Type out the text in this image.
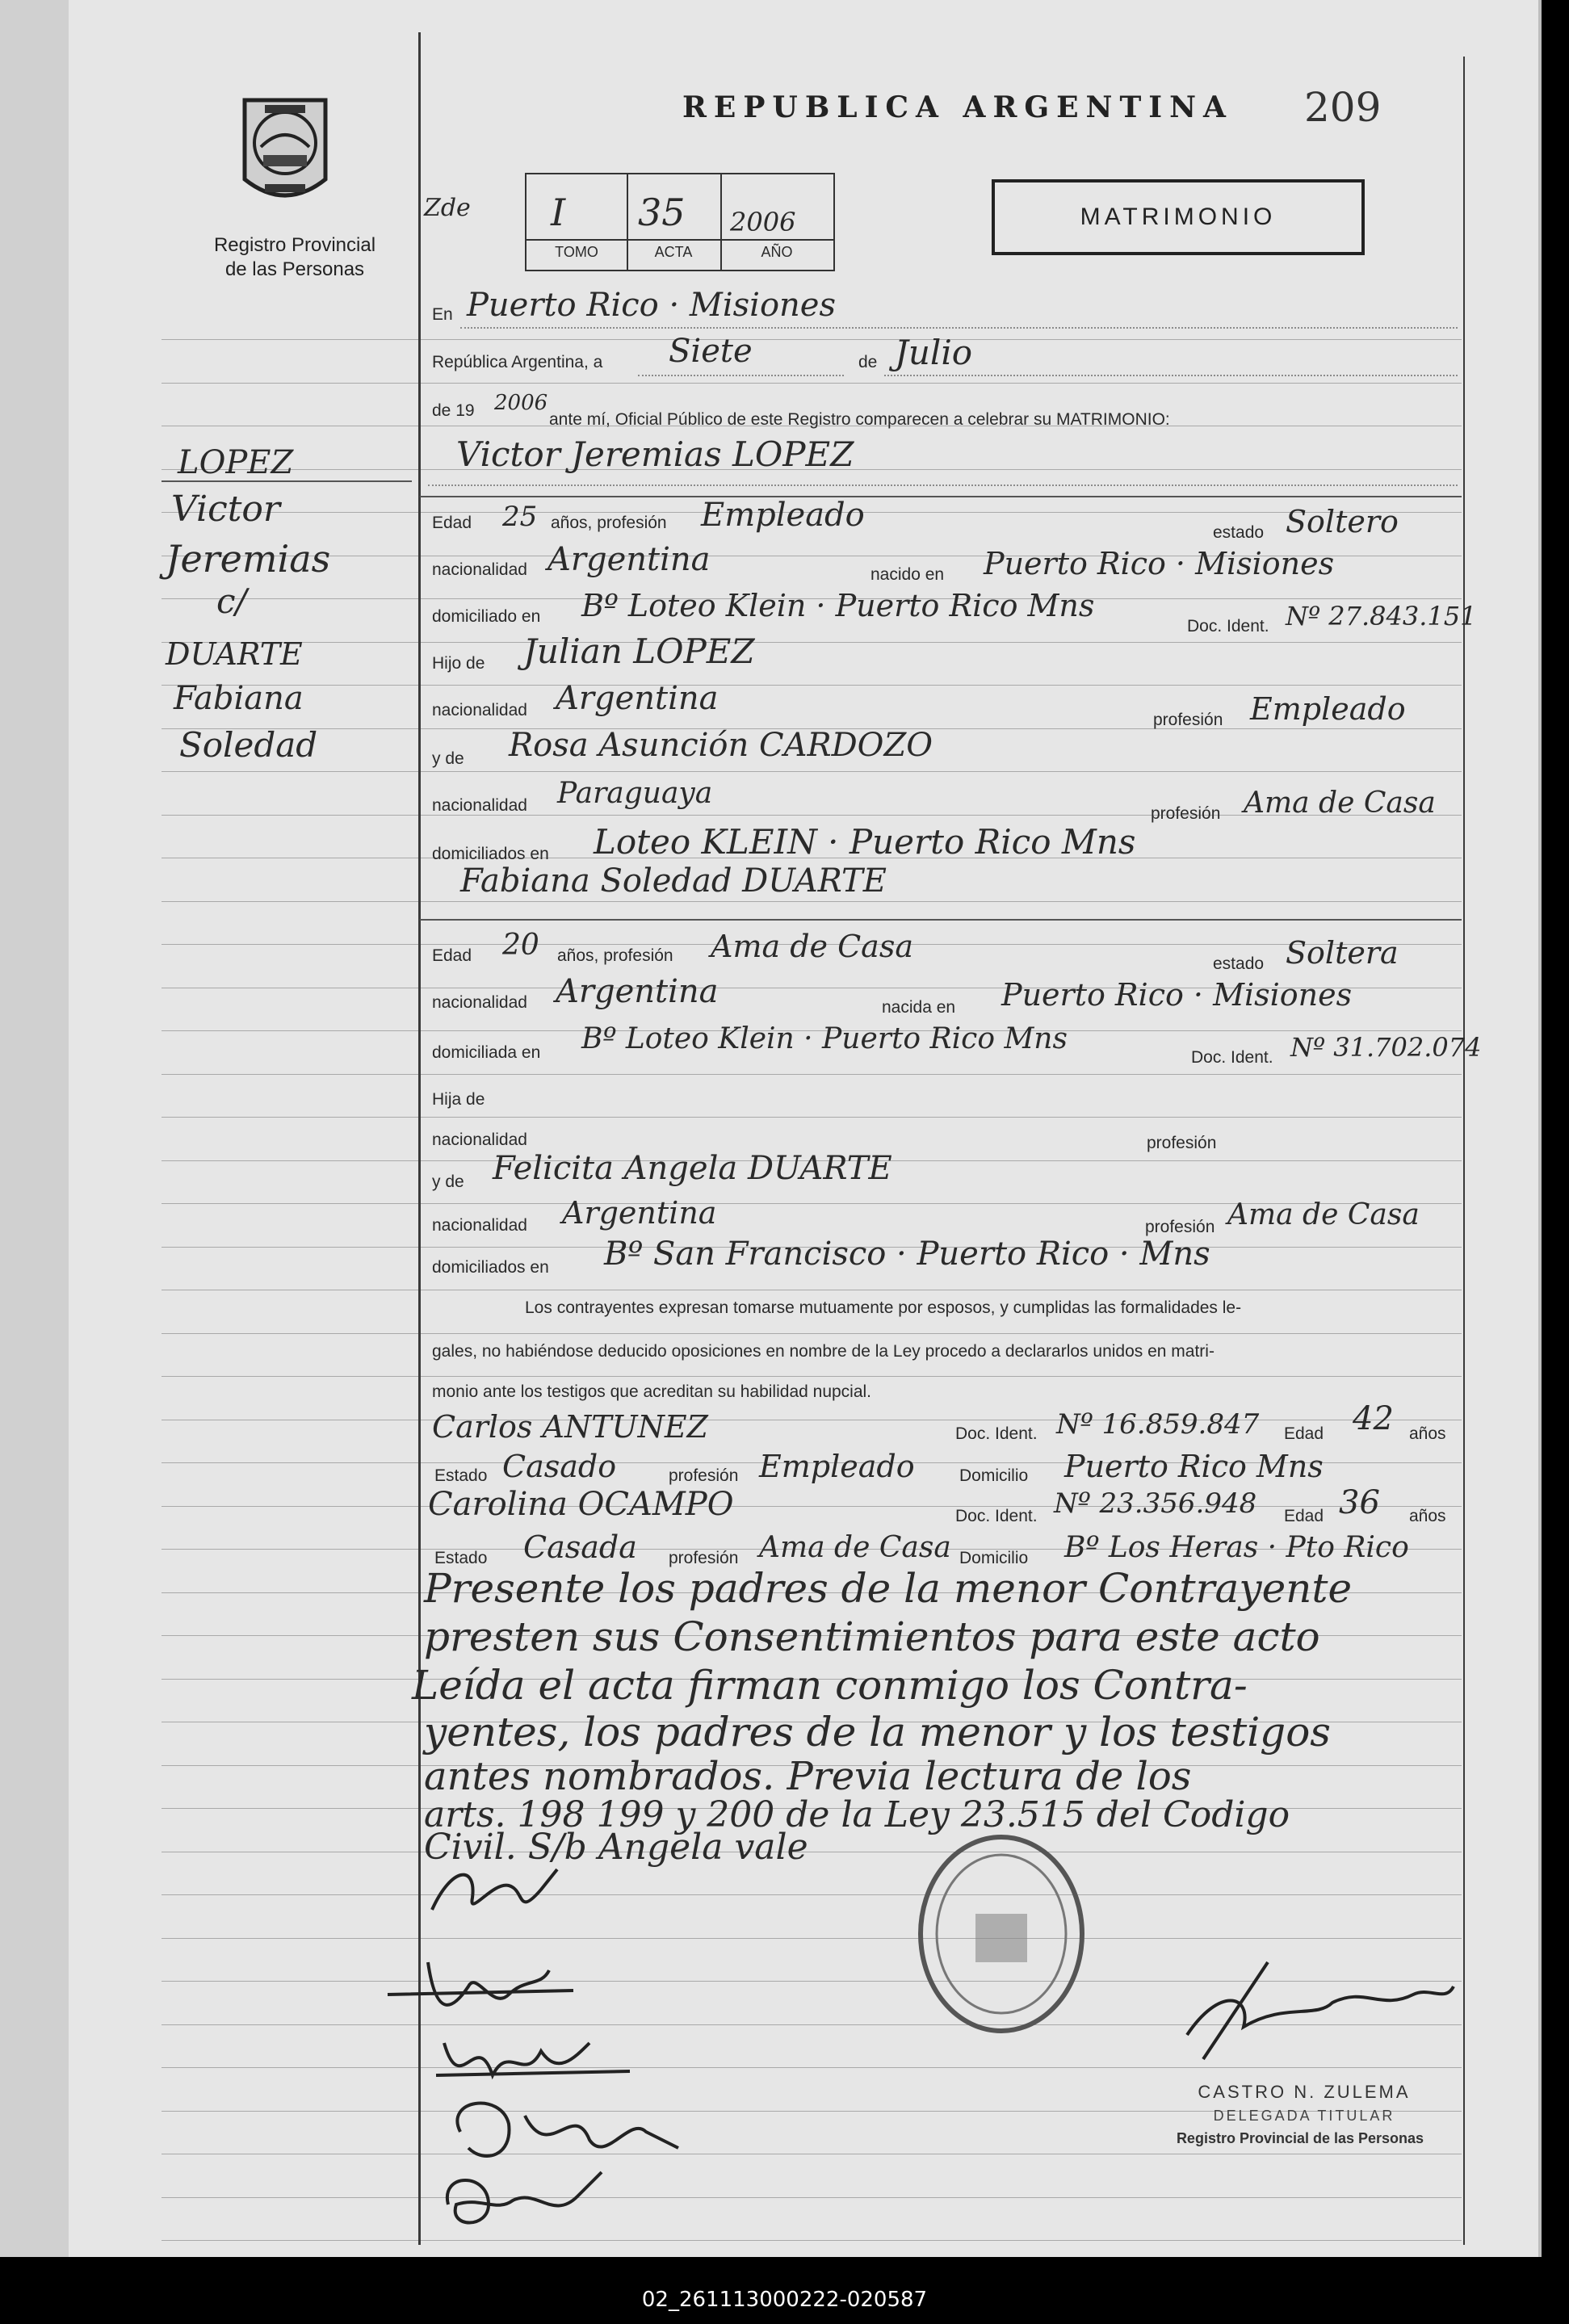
Registro Provincial
de las Personas
REPUBLICA ARGENTINA 209
Zde I 35 2006
TOMO	ACTA	AÑO
MATRIMONIO
LOPEZ
Victor
Jeremias
c/
DUARTE
Fabiana
Soledad
En Puerto Rico · Misiones
República Argentina, a Siete	de Julio
de 19 2006
ante mí, Oficial Público de este Registro comparecen a celebrar su MATRIMONIO:
Victor Jeremias LOPEZ
Edad 25 años, profesión Empleado	estado Soltero
nacionalidad Argentina	nacido en Puerto Rico · Misiones
domiciliado en Bº Loteo Klein · Puerto Rico Mns
Doc. Ident. Nº 27.843.151
Hijo de Julian LOPEZ
nacionalidad Argentina
profesión Empleado
y de Rosa Asunción CARDOZO
nacionalidad Paraguaya
profesión Ama de Casa
domiciliados en Loteo KLEIN · Puerto Rico Mns
Fabiana Soledad DUARTE
Edad 20 años, profesión Ama de Casa	estado Soltera
nacionalidad Argentina	nacida en Puerto Rico · Misiones
domiciliada en Bº Loteo Klein · Puerto Rico Mns
Doc. Ident. Nº 31.702.074
Hija de
nacionalidad	profesión
y de Felicita Angela DUARTE
nacionalidad Argentina	profesión Ama de Casa
domiciliados en Bº San Francisco · Puerto Rico · Mns
Los contrayentes expresan tomarse mutuamente por esposos, y cumplidas las formalidades le-
gales, no habiéndose deducido oposiciones en nombre de la Ley procedo a declararlos unidos en matri-
monio ante los testigos que acreditan su habilidad nupcial.
Carlos ANTUNEZ	Doc. Ident. Nº 16.859.847 Edad 42 años
Estado Casado	profesión Empleado	Domicilio Puerto Rico Mns
Carolina OCAMPO	Doc. Ident. Nº 23.356.948 Edad 36 años
Estado Casada profesión Ama de Casa Domicilio Bº Los Heras · Pto Rico
Presente los padres de la menor Contrayente
presten sus Consentimientos para este acto
Leída el acta firman conmigo los Contra-
yentes, los padres de la menor y los testigos
antes nombrados. Previa lectura de los
arts. 198 199 y 200 de la Ley 23.515 del Codigo
Civil. S/b Angela vale
CASTRO N. ZULEMA
DELEGADA TITULAR
Registro Provincial de las Personas
02_261113000222-020587
